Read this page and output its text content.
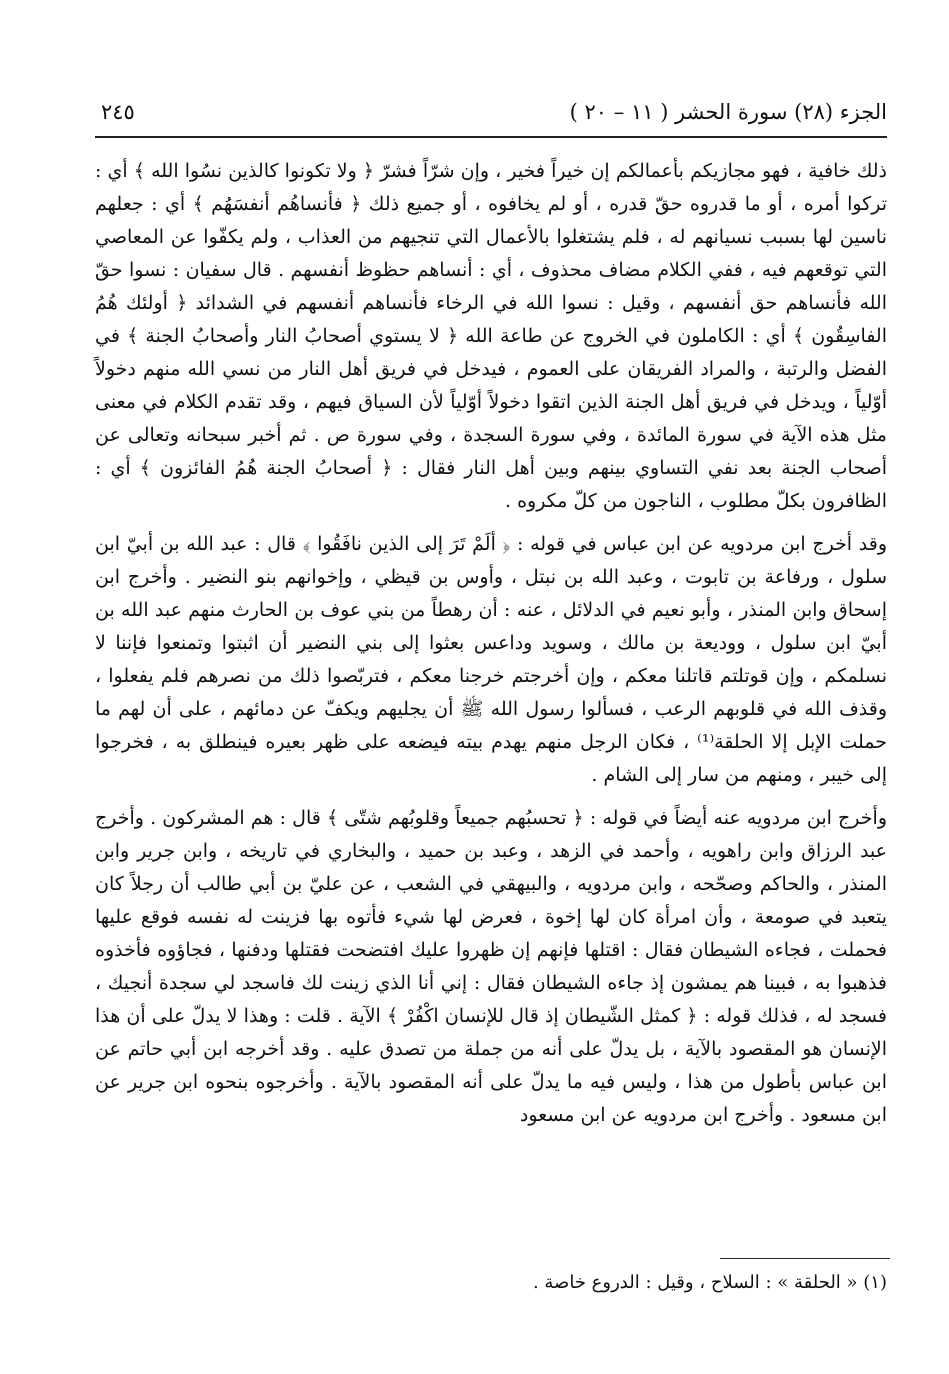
الجزء (٢٨) سورة الحشر ( ١١ – ٢٠ )
٢٤٥

ذلك خافية ، فهو مجازيكم بأعمالكم إن خيراً فخير ، وإن شرّاً فشرّ ﴿ ولا تكونوا كالذين نسُوا الله ﴾ أي : تركوا أمره ، أو ما قدروه حقّ قدره ، أو لم يخافوه ، أو جميع ذلك ﴿ فأنساهُم أنفسَهُم ﴾ أي : جعلهم ناسين لها بسبب نسيانهم له ، فلم يشتغلوا بالأعمال التي تنجيهم من العذاب ، ولم يكفّوا عن المعاصي التي توقعهم فيه ، ففي الكلام مضاف محذوف ، أي : أنساهم حظوظ أنفسهم . قال سفيان : نسوا حقّ الله فأنساهم حق أنفسهم ، وقيل : نسوا الله في الرخاء فأنساهم أنفسهم في الشدائد ﴿ أولئك هُمُ الفاسِقُون ﴾ أي : الكاملون في الخروج عن طاعة الله ﴿ لا يستوي أصحابُ النار وأصحابُ الجنة ﴾ في الفضل والرتبة ، والمراد الفريقان على العموم ، فيدخل في فريق أهل النار من نسي الله منهم دخولاً أوّلياً ، ويدخل في فريق أهل الجنة الذين اتقوا دخولاً أوّلياً لأن السياق فيهم ، وقد تقدم الكلام في معنى مثل هذه الآية في سورة المائدة ، وفي سورة السجدة ، وفي سورة ص . ثم أخبر سبحانه وتعالى عن أصحاب الجنة بعد نفي التساوي بينهم وبين أهل النار فقال : ﴿ أصحابُ الجنة هُمُ الفائزون ﴾ أي : الظافرون بكلّ مطلوب ، الناجون من كلّ مكروه .

وقد أخرج ابن مردويه عن ابن عباس في قوله : ﴿ ألَمْ تَرَ إلى الذين نافَقُوا ﴾ قال : عبد الله بن أبيّ ابن سلول ، ورفاعة بن تابوت ، وعبد الله بن نبتل ، وأوس بن قيظي ، وإخوانهم بنو النضير . وأخرج ابن إسحاق وابن المنذر ، وأبو نعيم في الدلائل ، عنه : أن رهطاً من بني عوف بن الحارث منهم عبد الله بن أبيّ ابن سلول ، ووديعة بن مالك ، وسويد وداعس بعثوا إلى بني النضير أن اثبتوا وتمنعوا فإننا لا نسلمكم ، وإن قوتلتم قاتلنا معكم ، وإن أخرجتم خرجنا معكم ، فتربّصوا ذلك من نصرهم فلم يفعلوا ، وقذف الله في قلوبهم الرعب ، فسألوا رسول الله ﷺ أن يجليهم ويكفّ عن دمائهم ، على أن لهم ما حملت الإبل إلا الحلقة⁽¹⁾ ، فكان الرجل منهم يهدم بيته فيضعه على ظهر بعيره فينطلق به ، فخرجوا إلى خيبر ، ومنهم من سار إلى الشام .

وأخرج ابن مردويه عنه أيضاً في قوله : ﴿ تحسبُهم جميعاً وقلوبُهم شتّى ﴾ قال : هم المشركون . وأخرج عبد الرزاق وابن راهويه ، وأحمد في الزهد ، وعبد بن حميد ، والبخاري في تاريخه ، وابن جرير وابن المنذر ، والحاكم وصحّحه ، وابن مردويه ، والبيهقي في الشعب ، عن عليّ بن أبي طالب أن رجلاً كان يتعبد في صومعة ، وأن امرأة كان لها إخوة ، فعرض لها شيء فأتوه بها فزينت له نفسه فوقع عليها فحملت ، فجاءه الشيطان فقال : اقتلها فإنهم إن ظهروا عليك افتضحت فقتلها ودفنها ، فجاؤوه فأخذوه فذهبوا به ، فبينا هم يمشون إذ جاءه الشيطان فقال : إني أنا الذي زينت لك فاسجد لي سجدة أنجيك ، فسجد له ، فذلك قوله : ﴿ كمثل الشّيطان إذ قال للإنسان اكْفُرْ ﴾ الآية . قلت : وهذا لا يدلّ على أن هذا الإنسان هو المقصود بالآية ، بل يدلّ على أنه من جملة من تصدق عليه . وقد أخرجه ابن أبي حاتم عن ابن عباس بأطول من هذا ، وليس فيه ما يدلّ على أنه المقصود بالآية . وأخرجوه بنحوه ابن جرير عن ابن مسعود . وأخرج ابن مردويه عن ابن مسعود

(١) « الحلقة » : السلاح ، وقيل : الدروع خاصة .
